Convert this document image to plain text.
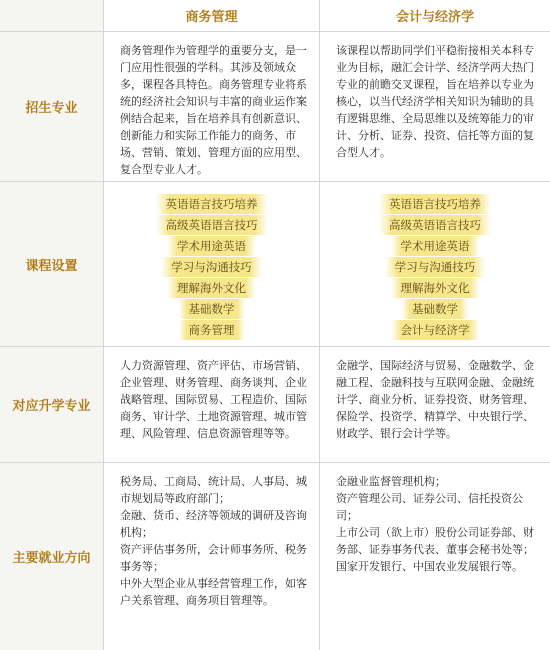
商务管理	会计与经济学
招生专业

商务管理作为管理学的重要分支，是一门应用性很强的学科。其涉及领域众多，课程各具特色。商务管理专业将系统的经济社会知识与丰富的商业运作案例结合起来，旨在培养具有创新意识、创新能力和实际工作能力的商务、市场、营销、策划、管理方面的应用型、复合型专业人才。

该课程以帮助同学们平稳衔接相关本科专业为目标，融汇会计学、经济学两大热门专业的前瞻交叉课程，旨在培养以专业为核心，以当代经济学相关知识为辅助的具有逻辑思维、全局思维以及统筹能力的审计、分析、证券、投资、信托等方面的复合型人才。

课程设置
英语语言技巧培养
高级英语语言技巧
学术用途英语
学习与沟通技巧
理解海外文化
基础数学
商务管理
英语语言技巧培养
高级英语语言技巧
学术用途英语
学习与沟通技巧
理解海外文化
基础数学
会计与经济学
对应升学专业

人力资源管理、资产评估、市场营销、企业管理、财务管理、商务谈判、企业战略管理、国际贸易、工程造价、国际商务、审计学、土地资源管理、城市管理、风险管理、信息资源管理等等。

金融学、国际经济与贸易、金融数学、金融工程、金融科技与互联网金融、金融统计学、商业分析、证券投资、财务管理、保险学、投资学、精算学、中央银行学、财政学、银行会计学等。

主要就业方向
税务局、工商局、统计局、人事局、城市规划局等政府部门；
金融、货币、经济等领域的调研及咨询机构；
资产评估事务所，会计师事务所、税务事务等；
中外大型企业从事经营管理工作，如客户关系管理、商务项目管理等。
金融业监督管理机构；
资产管理公司、证券公司、信托投资公司；
上市公司（欲上市）股份公司证券部、财务部、证券事务代表、董事会秘书处等；
国家开发银行、中国农业发展银行等。
